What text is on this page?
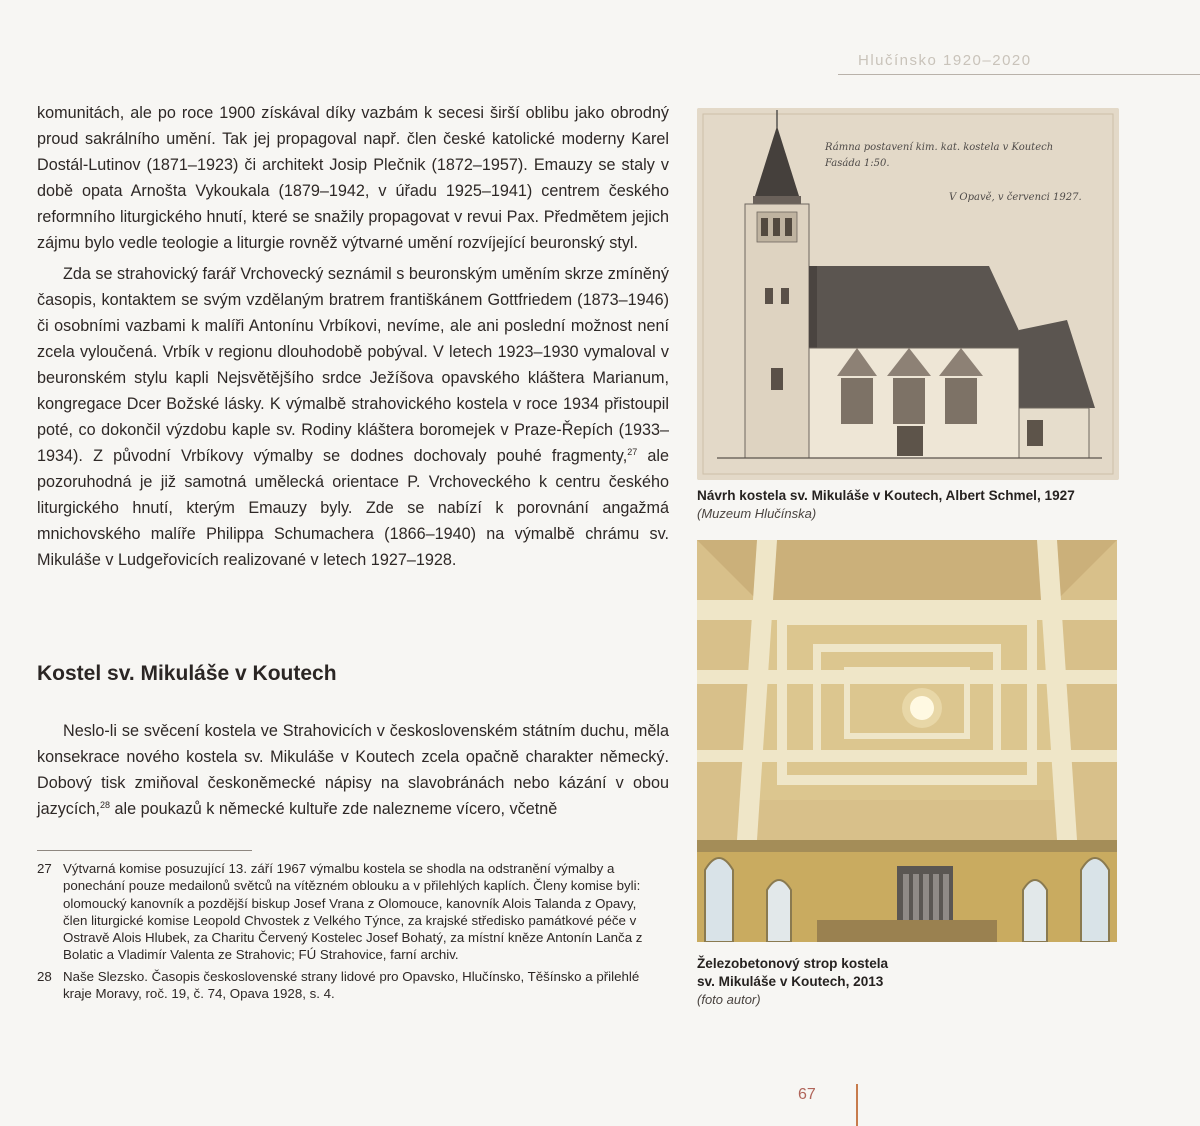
Hlučínsko 1920–2020

komunitách, ale po roce 1900 získával díky vazbám k secesi širší oblibu jako obrodný proud sakrálního umění. Tak jej propagoval např. člen české katolické moderny Karel Dostál-Lutinov (1871–1923) či architekt Josip Plečnik (1872–1957). Emauzy se staly v době opata Arnošta Vykoukala (1879–1942, v úřadu 1925–1941) centrem českého reformního liturgického hnutí, které se snažily propagovat v revui Pax. Předmětem jejich zájmu bylo vedle teologie a liturgie rovněž výtvarné umění rozvíjející beuronský styl.

Zda se strahovický farář Vrchovecký seznámil s beuronským uměním skrze zmíněný časopis, kontaktem se svým vzdělaným bratrem františkánem Gottfriedem (1873–1946) či osobními vazbami k malíři Antonínu Vrbíkovi, nevíme, ale ani poslední možnost není zcela vyloučená. Vrbík v regionu dlouhodobě pobýval. V letech 1923–1930 vymaloval v beuronském stylu kapli Nejsvětějšího srdce Ježíšova opavského kláštera Marianum, kongregace Dcer Božské lásky. K výmalbě strahovického kostela v roce 1934 přistoupil poté, co dokončil výzdobu kaple sv. Rodiny kláštera boromejek v Praze-Řepích (1933–1934). Z původní Vrbíkovy výmalby se dodnes dochovaly pouhé fragmenty,$^{27}$ ale pozoruhodná je již samotná umělecká orientace P. Vrchoveckého k centru českého liturgického hnutí, kterým Emauzy byly. Zde se nabízí k porovnání angažmá mnichovského malíře Philippa Schumachera (1866–1940) na výmalbě chrámu sv. Mikuláše v Ludgeřovicích realizované v letech 1927–1928.

Kostel sv. Mikuláše v Koutech

Neslo-li se svěcení kostela ve Strahovicích v československém státním duchu, měla konsekrace nového kostela sv. Mikuláše v Koutech zcela opačně charakter německý. Dobový tisk zmiňoval českoněmecké nápisy na slavobránách nebo kázání v obou jazycích,$^{28}$ ale poukazů k německé kultuře zde nalezneme vícero, včetně

27 Výtvarná komise posuzující 13. září 1967 výmalbu kostela se shodla na odstranění výmalby a ponechání pouze medailonů světců na vítězném oblouku a v přilehlých kaplích. Členy komise byli: olomoucký kanovník a pozdější biskup Josef Vrana z Olomouce, kanovník Alois Talanda z Opavy, člen liturgické komise Leopold Chvostek z Velkého Týnce, za krajské středisko památkové péče v Ostravě Alois Hlubek, za Charitu Červený Kostelec Josef Bohatý, za místní kněze Antonín Lanča z Bolatic a Vladimír Valenta ze Strahovic; FÚ Strahovice, farní archiv.
28 Naše Slezsko. Časopis československé strany lidové pro Opavsko, Hlučínsko, Těšínsko a přilehlé kraje Moravy, roč. 19, č. 74, Opava 1928, s. 4.
Rámna postavení kim. kat. kostela v Koutech
Fasáda 1:50.
V Opavě, v červenci 1927.
Návrh kostela sv. Mikuláše v Koutech, Albert Schmel, 1927
(Muzeum Hlučínska)
Železobetonový strop kostela
sv. Mikuláše v Koutech, 2013
(foto autor)
67
